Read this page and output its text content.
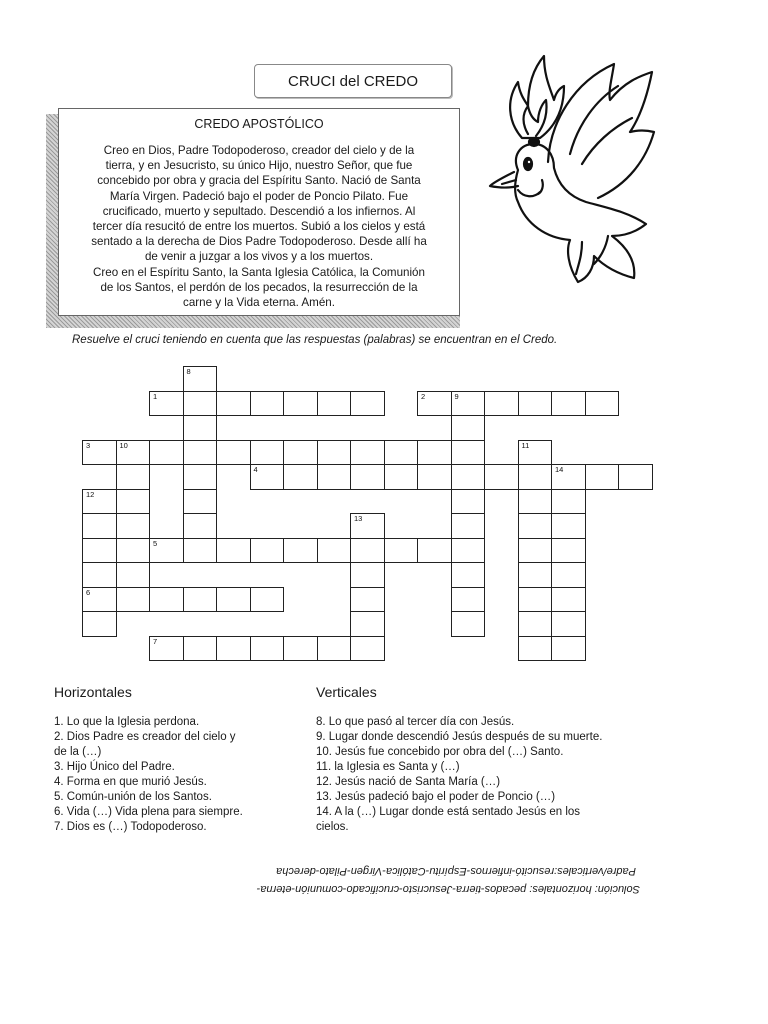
CRUCI del CREDO
CREDO APOSTÓLICO

Creo en Dios, Padre Todopoderoso, creador del cielo y de la
tierra, y en Jesucristo, su único Hijo, nuestro Señor, que fue
concebido por obra y gracia del Espíritu Santo. Nació de Santa
María Virgen. Padeció bajo el poder de Poncio Pilato. Fue
crucificado, muerto y sepultado. Descendió a los infiernos. Al
tercer día resucitó de entre los muertos. Subió a los cielos y está
sentado a la derecha de Dios Padre Todopoderoso. Desde allí ha
de venir a juzgar a los vivos y a los muertos.
Creo en el Espíritu Santo, la Santa Iglesia Católica, la Comunión
de los Santos, el perdón de los pecados, la resurrección de la
carne y la Vida eterna. Amén.

Resuelve el cruci teniendo en cuenta que las respuestas (palabras) se encuentran en el Credo.
1	2
3
4
5
6
7
8
9
10	11
12
13
14
Horizontales
1. Lo que la Iglesia perdona.
2. Dios Padre es creador del cielo y
de la (…)
3. Hijo Único del Padre.
4. Forma en que murió Jesús.
5. Común-unión de los Santos.
6. Vida (…) Vida plena para siempre.
7. Dios es (…) Todopoderoso.
Verticales
8. Lo que pasó al tercer día con Jesús.
9. Lugar donde descendió Jesús después de su muerte.
10. Jesús fue concebido por obra del (…) Santo.
11. la Iglesia es Santa y (…)
12. Jesús nació de Santa María (…)
13. Jesús padeció bajo el poder de Poncio (…)
14. A la (…) Lugar donde está sentado Jesús en los
cielos.

Solución: horizontales: pecados-tierra-Jesucristo-crucificado-comunión-eterna-

Padre/verticales:resucitó-infiernos-Espíritu-Católica-Virgen-Pilato-derecha
